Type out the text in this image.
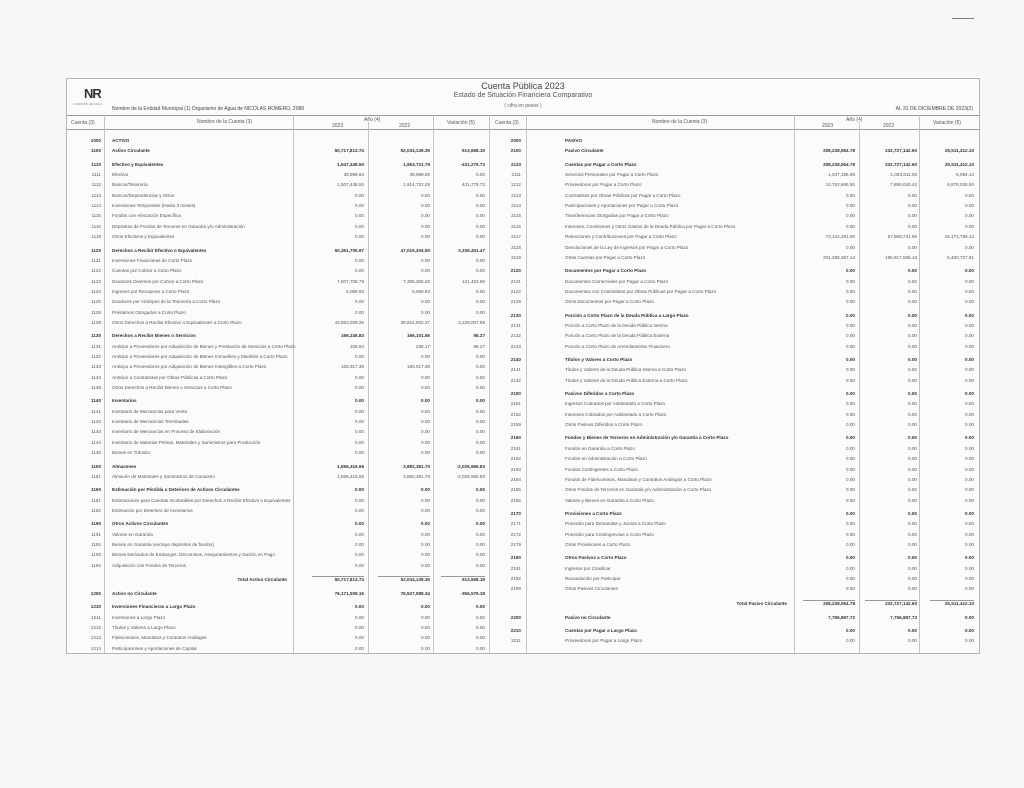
NR
COMISIÓN DE AGUA
Cuenta Pública 2023
Estado de Situación Financiera Comparativo
( cifra en pesos )
Nombre de la Entidad Municipal (1) Organismo de Agua de NICOLAS ROMERO, 2088	AL 31 DE DICIEMBRE DE 2023(2)
Cuenta (3)	Nombre de la Cuenta (3)	Año (4)
2023	2022	Variación (5)	Cuenta (3)	Nombre de la Cuenta (3)	Año (4)
2023	2022	Variación (5)
1000 ACTIVO
1100 Activo Circulante	50,717,813.74	52,034,139.35	913,658.19
1110 Efectivo y Equivalentes	1,547,448.50	1,953,721.79	-431,275.73
1111 Efectivo	39,999.50	39,999.50	0.00
1112 Bancos/Tesorería	1,507,448.50	1,914,722.29	431,775.73
1113 Bancos/Dependencias y Otros	0.00	0.00	0.00
1114 Inversiones Temporales (Hasta 3 meses)	0.00	0.00	0.00
1115 Fondos con Afectación Específica	0.00	0.00	0.00
1116 Depósitos de Fondos de Terceros en Garantía y/o Administración	0.00	0.00	0.00
1119 Otros Efectivos y Equivalentes	0.00	0.00	0.00
1120 Derechos a Recibir Efectivo o Equivalentes	50,351,705.97	47,015,304.50	3,336,401.47
1121 Inversiones Financieras de Corto Plazo	0.00	0.00	0.00
1122 Cuentas por Cobrar a Corto Plazo	0.00	0.00	0.00
1123 Deudores Diversos por Cobrar a Corto Plazo	7,507,708.79	7,385,305.20	121,403.59
1124 Ingresos por Recuperar a Corto Plazo	6,068.93	6,068.93	0.00
1125 Deudores por Anticipos de la Tesorería a Corto Plazo	0.00	0.00	0.00
1126 Préstamos Otorgados a Corto Plazo	0.00	0.00	0.00
1129 Otros Derechos a Recibir Efectivo o Equivalentes a Corto Plazo	42,853,009.25	39,624,002.37	3,229,007.88
1130 Derechos a Recibir Bienes o Servicios	166,245.83	166,101.56	98.27
1131 Anticipo a Proveedores por Adquisición de Bienes y Prestación de Servicios a Corto Plazo	328.64	238.17	98.27
1132 Anticipo a Proveedores por Adquisición de Bienes Inmuebles y Muebles a Corto Plazo	0.00	0.00	0.00
1133 Anticipo a Proveedores por Adquisición de Bienes Intangibles a Corto Plazo	165,917.39	165,917.39	0.00
1134 Anticipo a Contratistas por Obras Públicas a Corto Plazo	0.00	0.00	0.00
1139 Otros Derechos a Recibir Bienes o Servicios a Corto Plazo	0.00	0.00	0.00
1140 Inventarios	0.00	0.00	0.00
1141 Inventario de Mercancías para Venta	0.00	0.00	0.00
1142 Inventario de Mercancías Terminadas	0.00	0.00	0.00
1143 Inventario de Mercancías en Proceso de Elaboración	0.00	0.00	0.00
1144 Inventario de Materias Primas, Materiales y Suministros para Producción	0.00	0.00	0.00
1145 Bienes en Tránsito	0.00	0.00	0.00
1150 Almacenes	1,656,415.66	3,882,381.70	-2,025,965.83
1151 Almacén de Materiales y Suministros de Consumo	1,656,415.66	3,882,381.70	-2,025,965.83
1160 Estimación por Pérdida o Deterioro de Activos Circulantes	0.00	0.00	0.00
1161 Estimaciones para Cuentas Incobrables por Derechos a Recibir Efectivo o Equivalentes	0.00	0.00	0.00
1162 Estimación por Deterioro de Inventarios	0.00	0.00	0.00
1190 Otros Activos Circulantes	0.00	0.00	0.00
1191 Valores en Garantía	0.00	0.00	0.00
1192 Bienes en Garantía (excluye depósitos de fondos)	0.00	0.00	0.00
1193 Bienes Derivados de Embargos, Decomisos, Aseguramientos y Dación en Pago	0.00	0.00	0.00
1194 Adquisición con Fondos de Terceros	0.00	0.00	0.00
Total Activo Circulante	50,717,813.74	52,034,139.35	913,658.19
1200 Activo no Circulante	76,171,009.16	76,527,588.34	-356,579.18
1210 Inversiones Financieras a Largo Plazo	0.00	0.00	0.00
1211 Inversiones a Largo Plazo	0.00	0.00	0.00
1212 Títulos y Valores a Largo Plazo	0.00	0.00	0.00
1213 Fideicomisos, Mandatos y Contratos Análogos	0.00	0.00	0.00
1214 Participaciones y Aportaciones de Capital	0.00	0.00	0.00
2000	PASIVO
2100	Pasivo Circulante	208,238,554.78	232,727,142.60	25,511,412.10
2110	Cuentas por Pagar a Corto Plazo	208,238,554.78	232,727,142.60	25,511,412.10
2111	Servicios Personales por Pagar a Corto Plazo	1,047,156.68	1,053,811.00	6,094.14
2112	Proveedores por Pagar a Corto Plazo	14,762,666.50	7,886,040.42	6,876,026.50
2113	Contratistas por Obras Públicas por Pagar a Corto Plazo	0.00	0.00	0.00
2114	Participaciones y Aportaciones por Pagar a Corto Plazo	0.00	0.00	0.00
2115	Transferencias Otorgadas por Pagar a Corto Plazo	0.00	0.00	0.00
2116	Intereses, Comisiones y Otros Gastos de la Deuda Pública por Pagar a Corto Plazo	0.00	0.00	0.00
2117	Retenciones y Contribuciones por Pagar a Corto Plazo	73,142,481.06	57,969,731.99	15,172,756.13
2118	Devoluciones de la Ley de Ingresos por Pagar a Corto Plazo	0.00	0.00	0.00
2119	Otras Cuentas por Pagar a Corto Plazo	201,296,367.14	195,817,586.13	5,460,727.91
2120	Documentos por Pagar a Corto Plazo	0.00	0.00	0.00
2121	Documentos Comerciales por Pagar a Corto Plazo	0.00	0.00	0.00
2122	Documentos con Contratistas por Obras Públicas por Pagar a Corto Plazo	0.00	0.00	0.00
2129	Otros Documentos por Pagar a Corto Plazo	0.00	0.00	0.00
2130	Porción a Corto Plazo de la Deuda Pública a Largo Plazo	0.00	0.00	0.00
2131	Porción a Corto Plazo de la Deuda Pública Interna	0.00	0.00	0.00
2132	Porción a Corto Plazo de la Deuda Pública Externa	0.00	0.00	0.00
2133	Porción a Corto Plazo de Arrendamiento Financiero	0.00	0.00	0.00
2140	Títulos y Valores a Corto Plazo	0.00	0.00	0.00
2141	Títulos y Valores de la Deuda Pública Interna a Corto Plazo	0.00	0.00	0.00
2142	Títulos y Valores de la Deuda Pública Externa a Corto Plazo	0.00	0.00	0.00
2150	Pasivos Diferidos a Corto Plazo	0.00	0.00	0.00
2151	Ingresos Cobrados por Adelantado a Corto Plazo	0.00	0.00	0.00
2152	Intereses Cobrados por Adelantado a Corto Plazo	0.00	0.00	0.00
2159	Otros Pasivos Diferidos a Corto Plazo	0.00	0.00	0.00
2160	Fondos y Bienes de Terceros en Administración y/o Garantía a Corto Plazo	0.00	0.00	0.00
2161	Fondos en Garantía a Corto Plazo	0.00	0.00	0.00
2162	Fondos en Administración a Corto Plazo	0.00	0.00	0.00
2163	Fondos Contingentes a Corto Plazo	0.00	0.00	0.00
2164	Fondos de Fideicomisos, Mandatos y Contratos Análogos a Corto Plazo	0.00	0.00	0.00
2165	Otros Fondos de Terceros en Garantía y/o Administración a Corto Plazo	0.00	0.00	0.00
2166	Valores y Bienes en Garantía a Corto Plazo	0.00	0.00	0.00
2170	Provisiones a Corto Plazo	0.00	0.00	0.00
2171	Provisión para Demandas y Juicios a Corto Plazo	0.00	0.00	0.00
2172	Provisión para Contingencias a Corto Plazo	0.00	0.00	0.00
2179	Otras Provisiones a Corto Plazo	0.00	0.00	0.00
2190	Otros Pasivos a Corto Plazo	0.00	0.00	0.00
2191	Ingresos por Clasificar	0.00	0.00	0.00
2192	Recaudación por Participar	0.00	0.00	0.00
2199	Otros Pasivos Circulantes	0.00	0.00	0.00
Total Pasivo Circulante	208,238,554.78	232,727,142.60	25,511,412.10
2200	Pasivo no Circulante	7,796,897.72	7,796,897.72	0.00
2210	Cuentas por Pagar a Largo Plazo	0.00	0.00	0.00
2211	Proveedores por Pagar a Largo Plazo	0.00	0.00	0.00
